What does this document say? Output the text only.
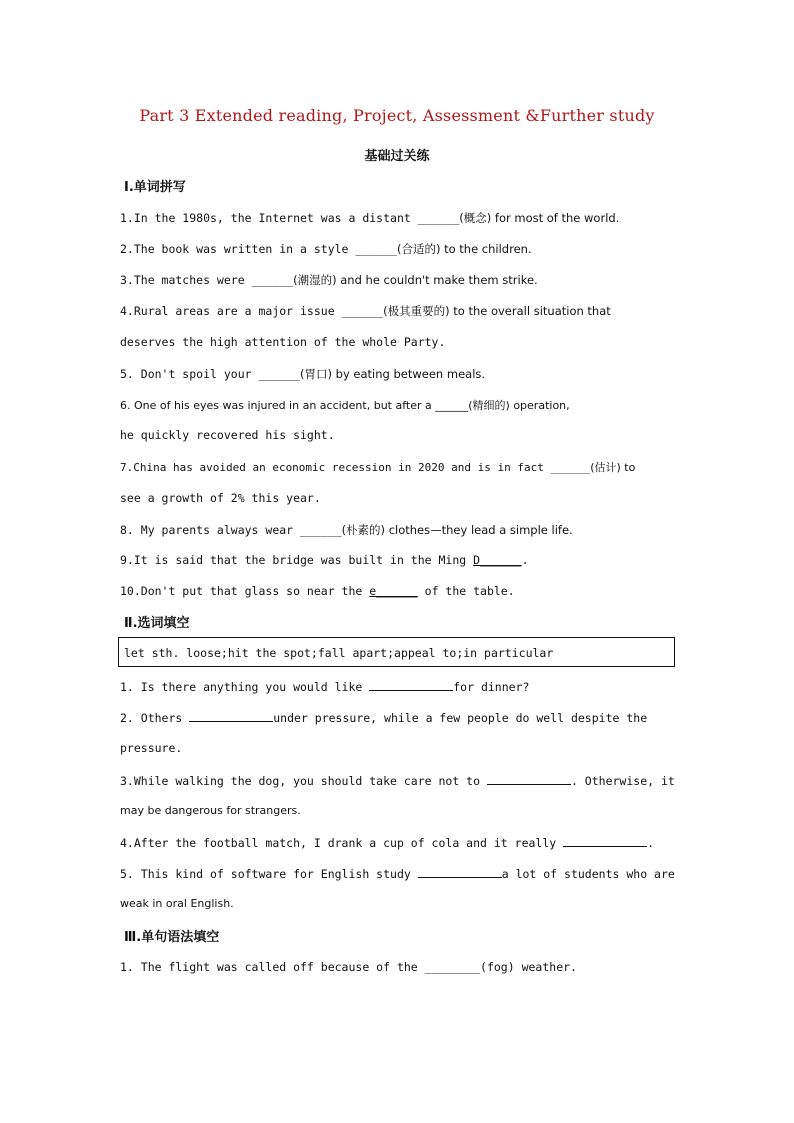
Part 3 Extended reading, Project, Assessment &Further study
基础过关练
Ⅰ.单词拼写
1.In the 1980s, the Internet was a distant ______(概念) for most of the world.
2.The book was written in a style ______(合适的) to the children.
3.The matches were ______(潮湿的) and he couldn't make them strike.
4.Rural areas are a major issue ______(极其重要的) to the overall situation that
deserves the high attention of the whole Party.
5. Don't spoil your ______(胃口) by eating between meals.
6. One of his eyes was injured in an accident, but after a ______(精细的) operation,
he quickly recovered his sight.
7.China has avoided an economic recession in 2020 and is in fact ______(估计) to
see a growth of 2% this year.
8. My parents always wear ______(朴素的) clothes—they lead a simple life.
9.It is said that the bridge was built in the Ming D______.
10.Don't put that glass so near the e______ of the table.
Ⅱ.选词填空
let sth. loose;hit the spot;fall apart;appeal to;in particular
1. Is there anything you would like	for dinner?
2. Others	under pressure, while a few people do well despite the
pressure.
3.While walking the dog, you should take care not to	. Otherwise, it
may be dangerous for strangers.
4.After the football match, I drank a cup of cola and it really	.
5. This kind of software for English study	a lot of students who are
weak in oral English.
Ⅲ.单句语法填空
1. The flight was called off because of the ________(fog) weather.
